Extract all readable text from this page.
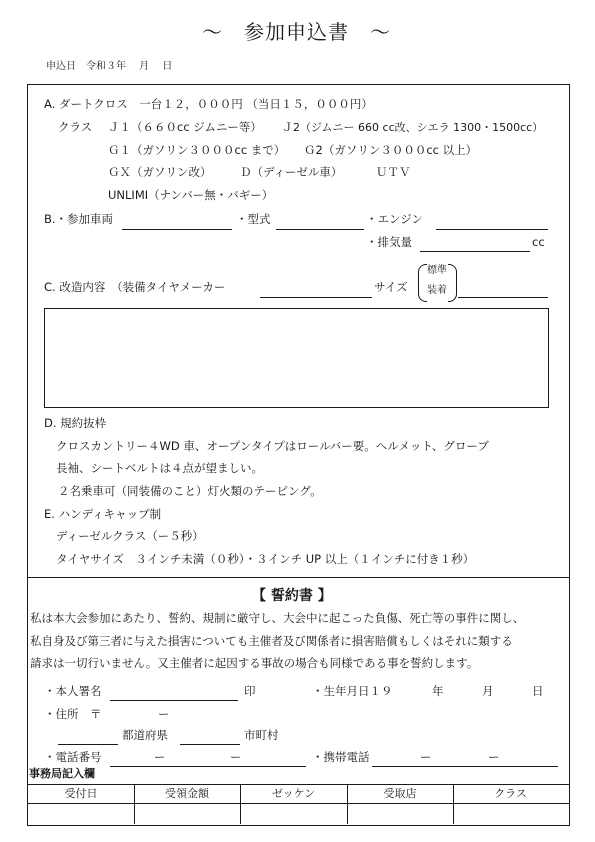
～　参加申込書　～
申込日　令和３年　 月　 日
A. ダートクロス　一台１２，０００円 （当日１５，０００円）
クラス Ｊ１（６６０cc ジムニー等） Ｊ2（ジムニー 660 cc改、シエラ 1300・1500cc）
Ｇ１（ガソリン３０００cc まで） Ｇ2（ガソリン３０００cc 以上）
ＧＸ（ガソリン改） Ｄ（ディーゼル車）	ＵＴＶ
UNLIMI（ナンバー無・バギー）
B.・参加車両	・型式	・エンジン
・排気量	cc
C. 改造内容　（装備タイヤメーカー	サイズ
標準
装着
D. 規約抜枠
クロスカントリー４WD 車、オープンタイプはロールバー要。ヘルメット、グローブ
長袖、シートベルトは４点が望ましい。
２名乗車可（同装備のこと）灯火類のテーピング。
E. ハンディキャップ制
ディーゼルクラス（ー５秒）
タイヤサイズ　３インチ未満（０秒）・３インチ UP 以上（１インチに付き１秒）
【 誓約書 】
私は本大会参加にあたり、誓約、規制に厳守し、大会中に起こった負傷、死亡等の事件に関し、
私自身及び第三者に与えた損害についても主催者及び関係者に損害賠償もしくはそれに類する
請求は一切行いません。又主催者に起因する事故の場合も同様である事を誓約します。
・本人署名	印	・生年月日１９	年	月	日
・住所　〒	ー
都道府県	市町村
・電話番号	ー	ー	・携帯電話	ー	ー
事務局記入欄
受付日	受領金額	ゼッケン	受取店	クラス
